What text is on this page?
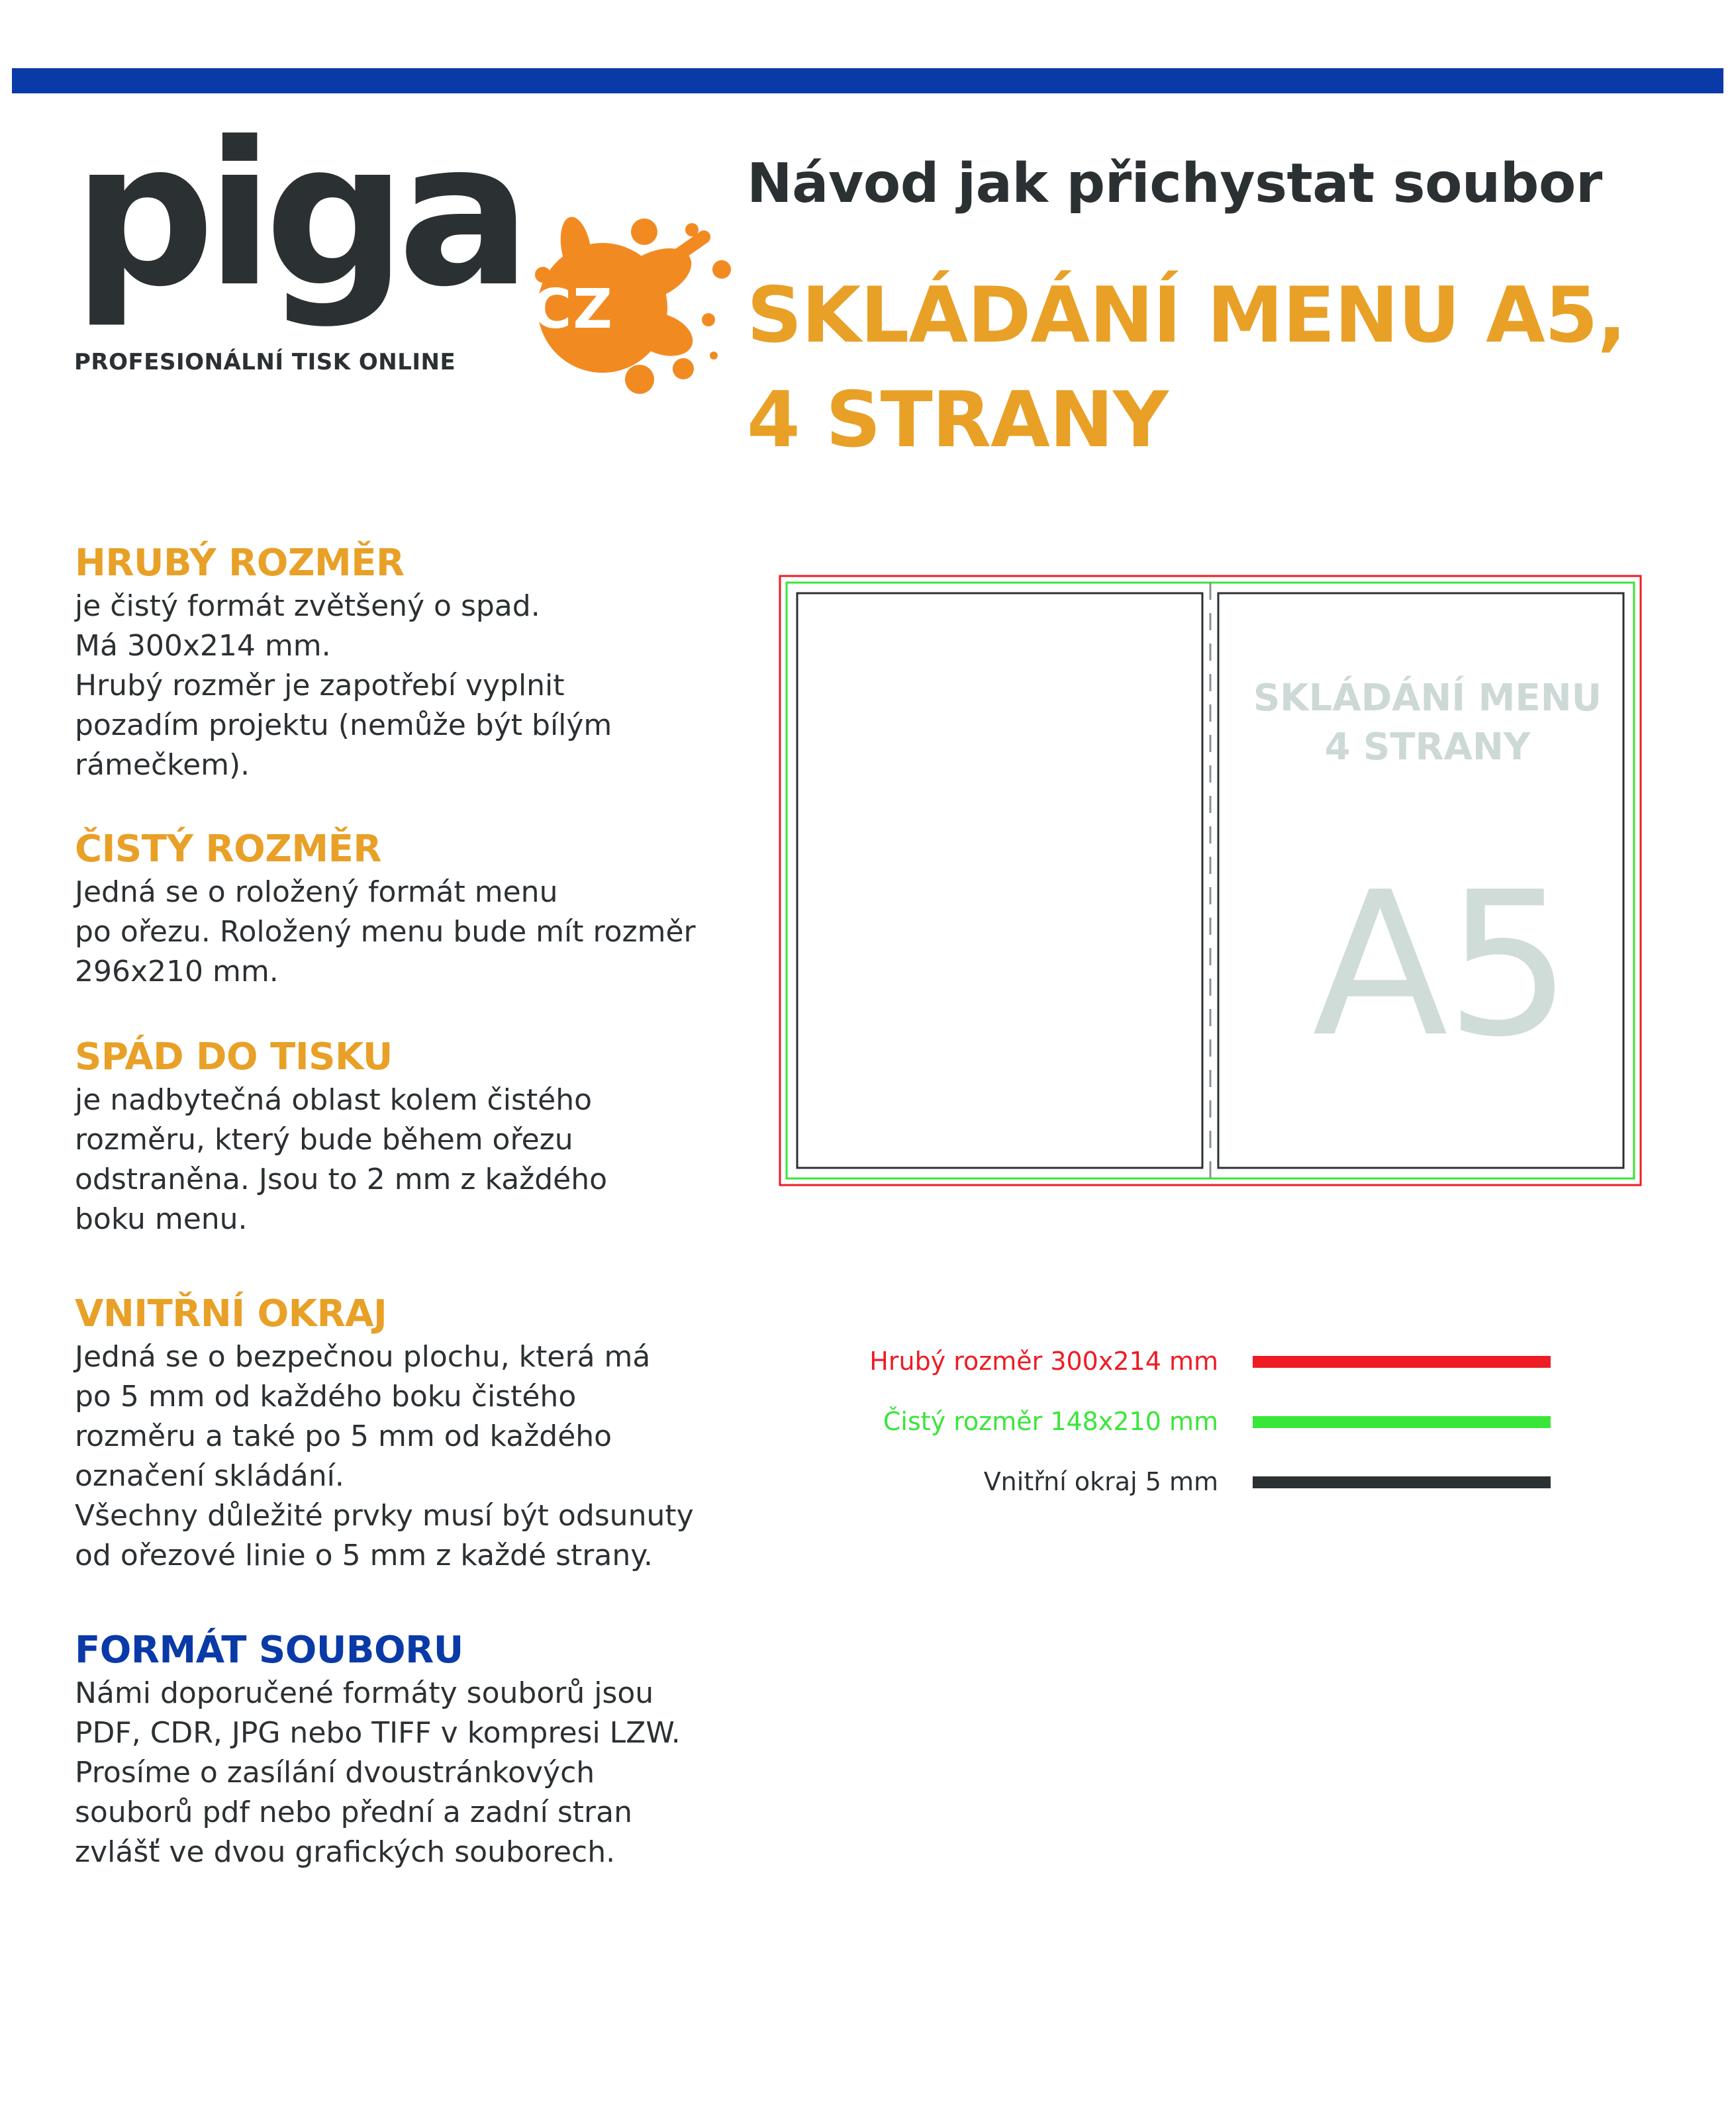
piga CZ
PROFESIONÁLNÍ TISK ONLINE
Návod jak přichystat soubor
SKLÁDÁNÍ MENU A5,
4 STRANY
HRUBÝ ROZMĚR

je čistý formát zvětšený o spad.

Má 300x214 mm.

Hrubý rozměr je zapotřebí vyplnit

pozadím projektu (nemůže být bílým

rámečkem).

ČISTÝ ROZMĚR

Jedná se o roložený formát menu

po ořezu. Roložený menu bude mít rozměr

296x210 mm.

SPÁD DO TISKU

je nadbytečná oblast kolem čistého

rozměru, který bude během ořezu

odstraněna. Jsou to 2 mm z každého

boku menu.

VNITŘNÍ OKRAJ

Jedná se o bezpečnou plochu, která má

po 5 mm od každého boku čistého

rozměru a také po 5 mm od každého

označení skládání.

Všechny důležité prvky musí být odsunuty

od ořezové linie o 5 mm z každé strany.

FORMÁT SOUBORU

Námi doporučené formáty souborů jsou

PDF, CDR, JPG nebo TIFF v kompresi LZW.

Prosíme o zasílání dvoustránkových

souborů pdf nebo přední a zadní stran

zvlášť ve dvou grafických souborech.

SKLÁDÁNÍ MENU
4 STRANY
A5
Hrubý rozměr 300x214 mm
Čistý rozměr 148x210 mm
Vnitřní okraj 5 mm
